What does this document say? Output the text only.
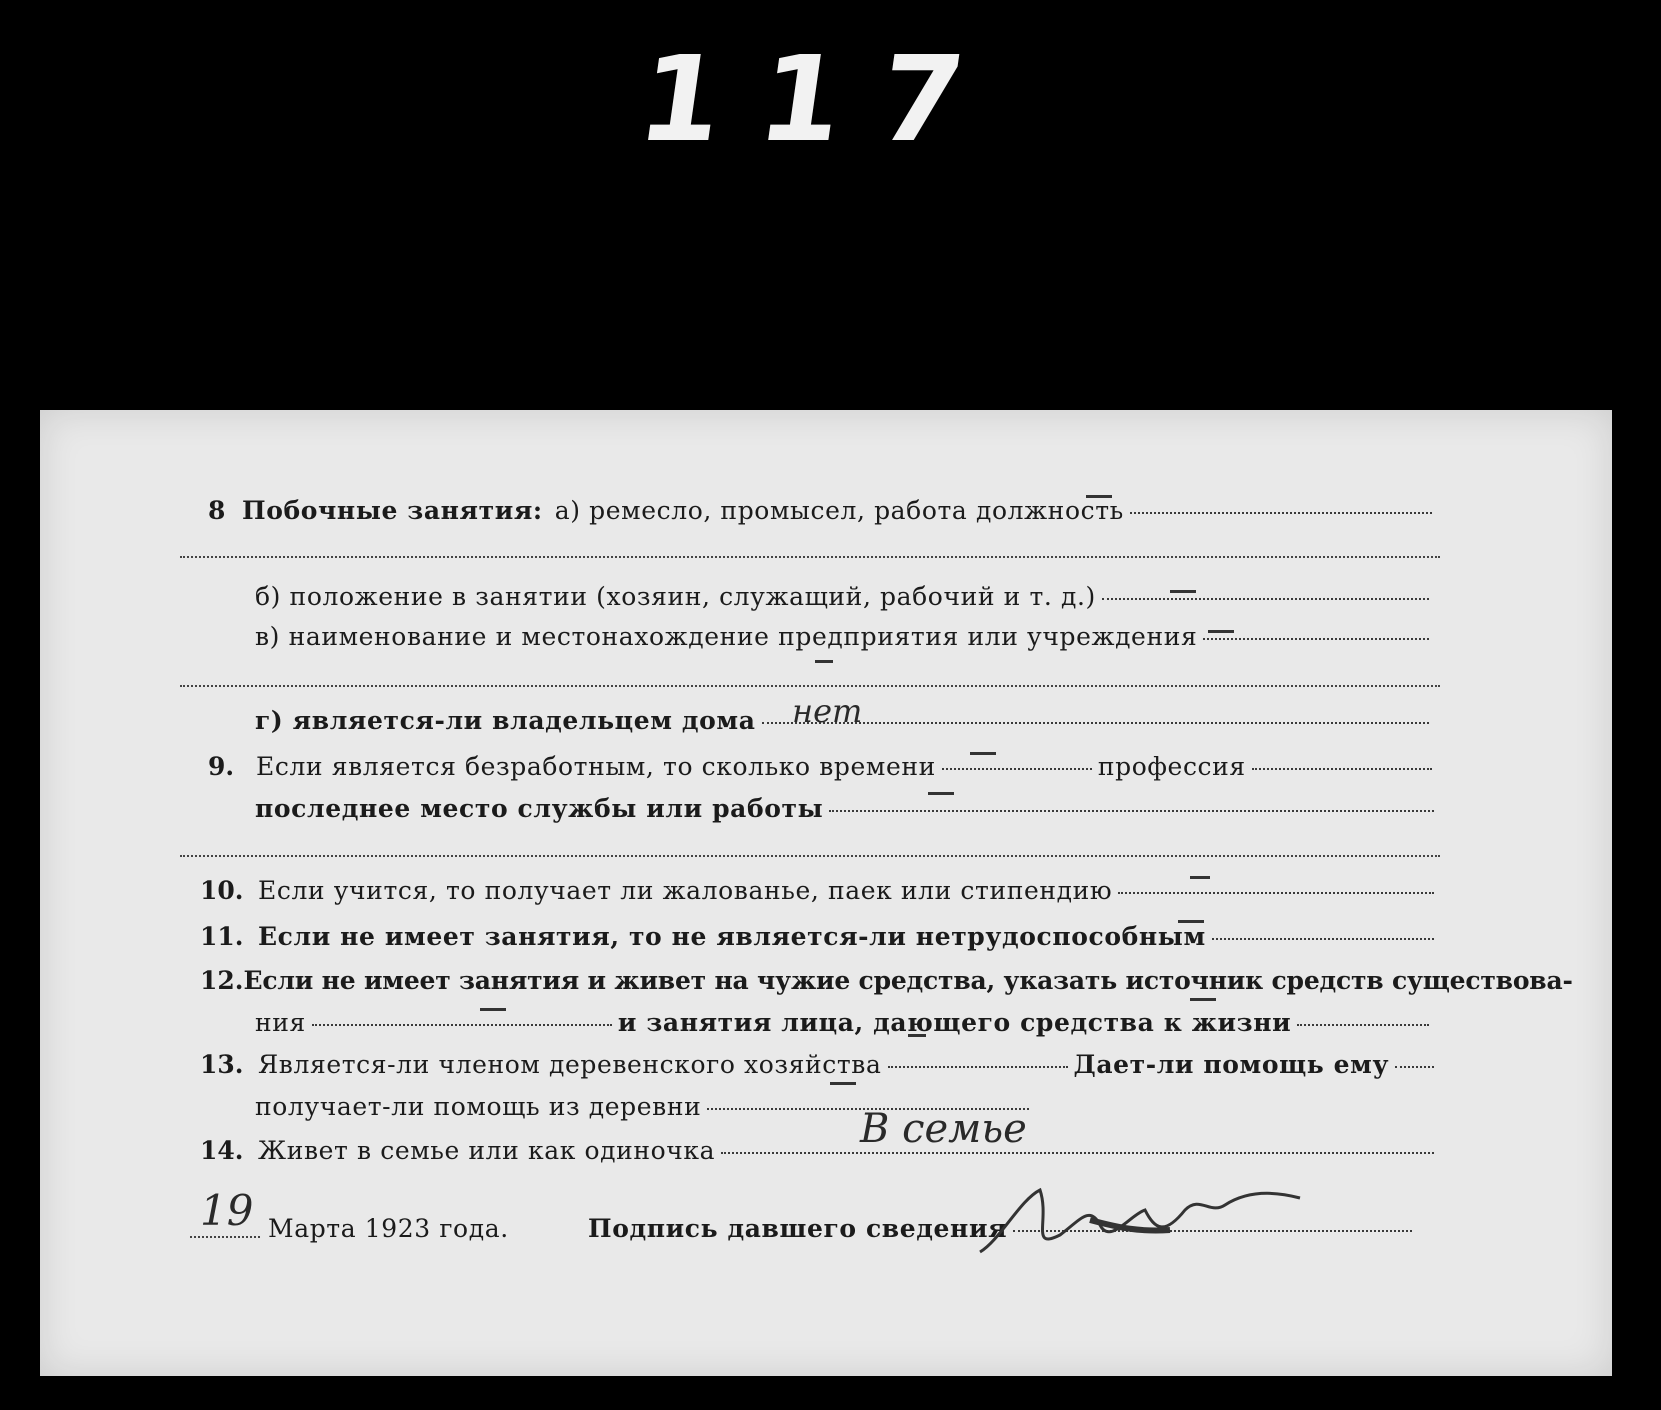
117
8 Побочные занятия: а) ремесло, промысел, работа должность
б) положение в занятии (хозяин, служащий, рабочий и т. д.)
в) наименование и местонахождение предприятия или учреждения
г) является-ли владельцем дома нет
9. Если является безработным, то сколько времени	профессия
последнее место службы или работы
10. Если учится, то получает ли жалованье, паек или стипендию
11. Если не имеет занятия, то не является-ли нетрудоспособным
12. Если не имеет занятия и живет на чужие средства, указать источник средств существова-
ния	и занятия лица, дающего средства к жизни
13. Является-ли членом деревенского хозяйства	Дает-ли помощь ему
получает-ли помощь из деревни
14. Живет в семье или как одиночка	В семье
19 Марта 1923 года.	Подпись давшего сведения
